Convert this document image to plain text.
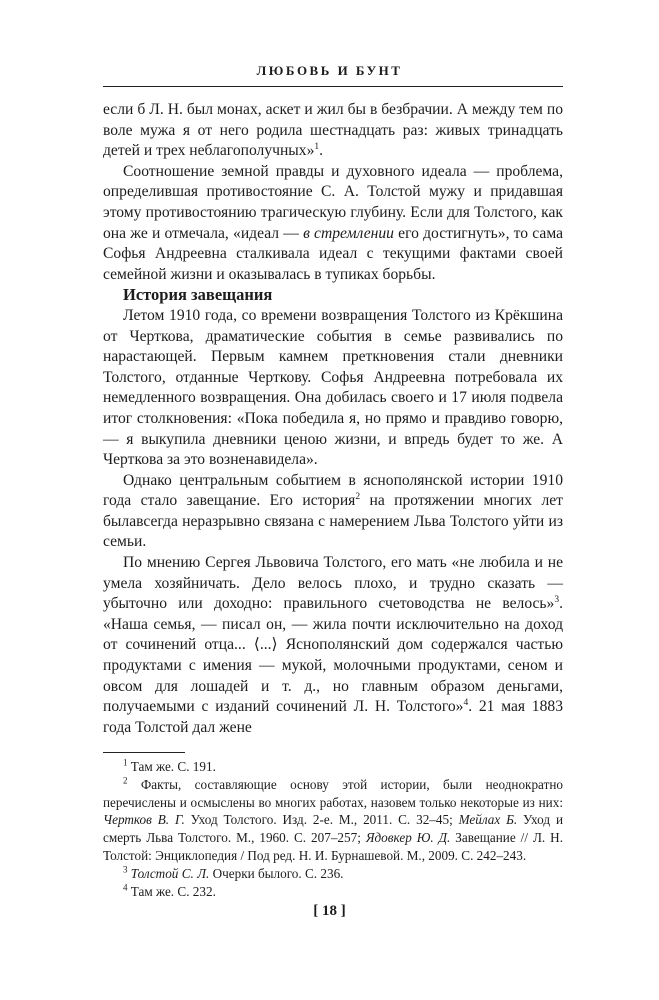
ЛЮБОВЬ И БУНТ

если б Л. Н. был монах, аскет и жил бы в безбрачии. А между тем по воле мужа я от него родила шестнадцать раз: живых тринадцать детей и трех неблагополучных»$^1$.

Соотношение земной правды и духовного идеала — проблема, определившая противостояние С. А. Толстой мужу и придавшая этому противостоянию трагическую глубину. Если для Толстого, как она же и отмечала, «идеал — в стремлении его достигнуть», то сама Софья Андреевна сталкивала идеал с текущими фактами своей семейной жизни и оказывалась в тупиках борьбы.

История завещания

Летом 1910 года, со времени возвращения Толстого из Крёкшина от Черткова, драматические события в семье развивались по нарастающей. Первым камнем преткновения стали дневники Толстого, отданные Черткову. Софья Андреевна потребовала их немедленного возвращения. Она добилась своего и 17 июля подвела итог столкновения: «Пока победила я, но прямо и правдиво говорю, — я выкупила дневники ценою жизни, и впредь будет то же. А Черткова за это возненавидела».

Однако центральным событием в яснополянской истории 1910 года стало завещание. Его история$^2$ на протяжении многих лет былавсегда неразрывно связана с намерением Льва Толстого уйти из семьи.

По мнению Сергея Львовича Толстого, его мать «не любила и не умела хозяйничать. Дело велось плохо, и трудно сказать — убыточно или доходно: правильного счетоводства не велось»$^3$. «Наша семья, — писал он, — жила почти исключительно на доход от сочинений отца... ⟨...⟩ Яснополянский дом содержался частью продуктами с имения — мукой, молочными продуктами, сеном и овсом для лошадей и т. д., но главным образом деньгами, получаемыми с изданий сочинений Л. Н. Толстого»$^4$. 21 мая 1883 года Толстой дал жене

$^1$ Там же. С. 191.

$^2$ Факты, составляющие основу этой истории, были неоднократно перечислены и осмыслены во многих работах, назовем только некоторые из них: Чертков В. Г. Уход Толстого. Изд. 2-е. М., 2011. С. 32–45; Мейлах Б. Уход и смерть Льва Толстого. М., 1960. С. 207–257; Ядовкер Ю. Д. Завещание // Л. Н. Толстой: Энциклопедия / Под ред. Н. И. Бурнашевой. М., 2009. С. 242–243.

$^3$ Толстой С. Л. Очерки былого. С. 236.

$^4$ Там же. С. 232.

[ 18 ]
